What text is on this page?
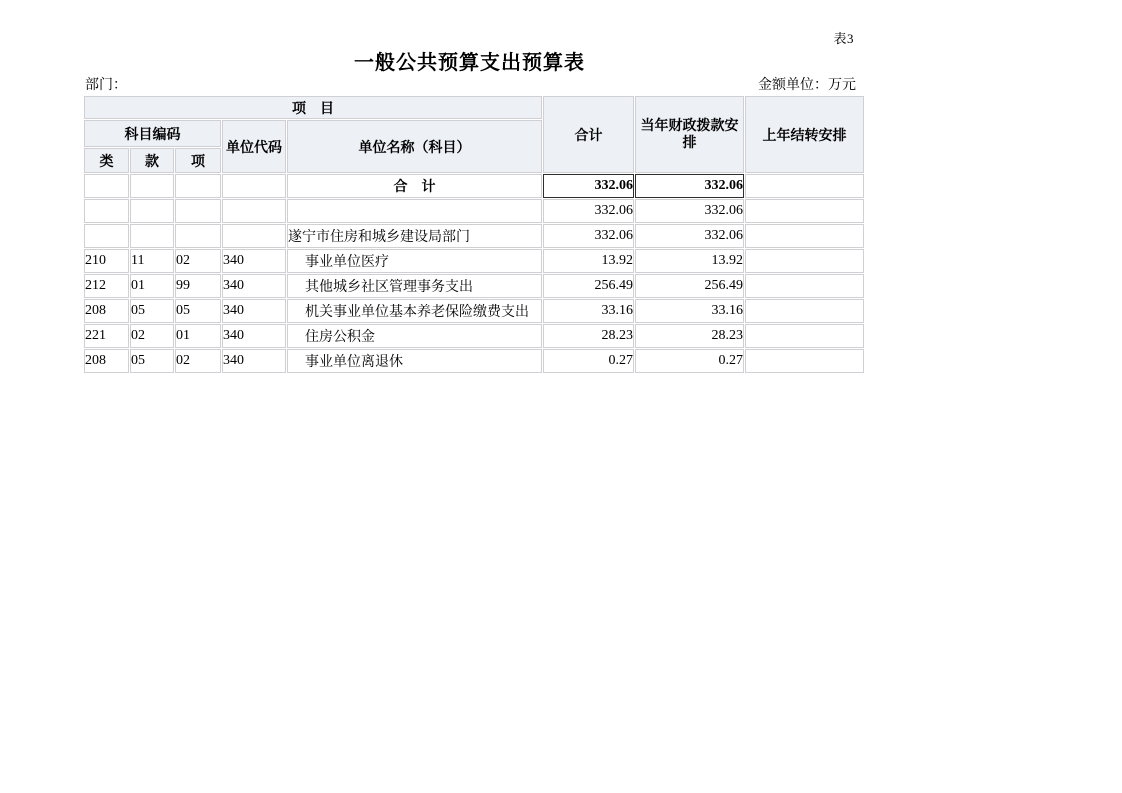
表3
一般公共预算支出预算表
部门：	金额单位：万元
项　目					合计	当年财政拨款安排	上年结转安排
科目编码			单位代码	单位名称（科目）			
类	款	项					
				合　计	332.06	332.06	
					332.06	332.06	
				遂宁市住房和城乡建设局部门	332.06	332.06	
210	11	02	340	事业单位医疗	13.92	13.92	
212	01	99	340	其他城乡社区管理事务支出	256.49	256.49	
208	05	05	340	机关事业单位基本养老保险缴费支出	33.16	33.16	
221	02	01	340	住房公积金	28.23	28.23	
208	05	02	340	事业单位离退休	0.27	0.27	
